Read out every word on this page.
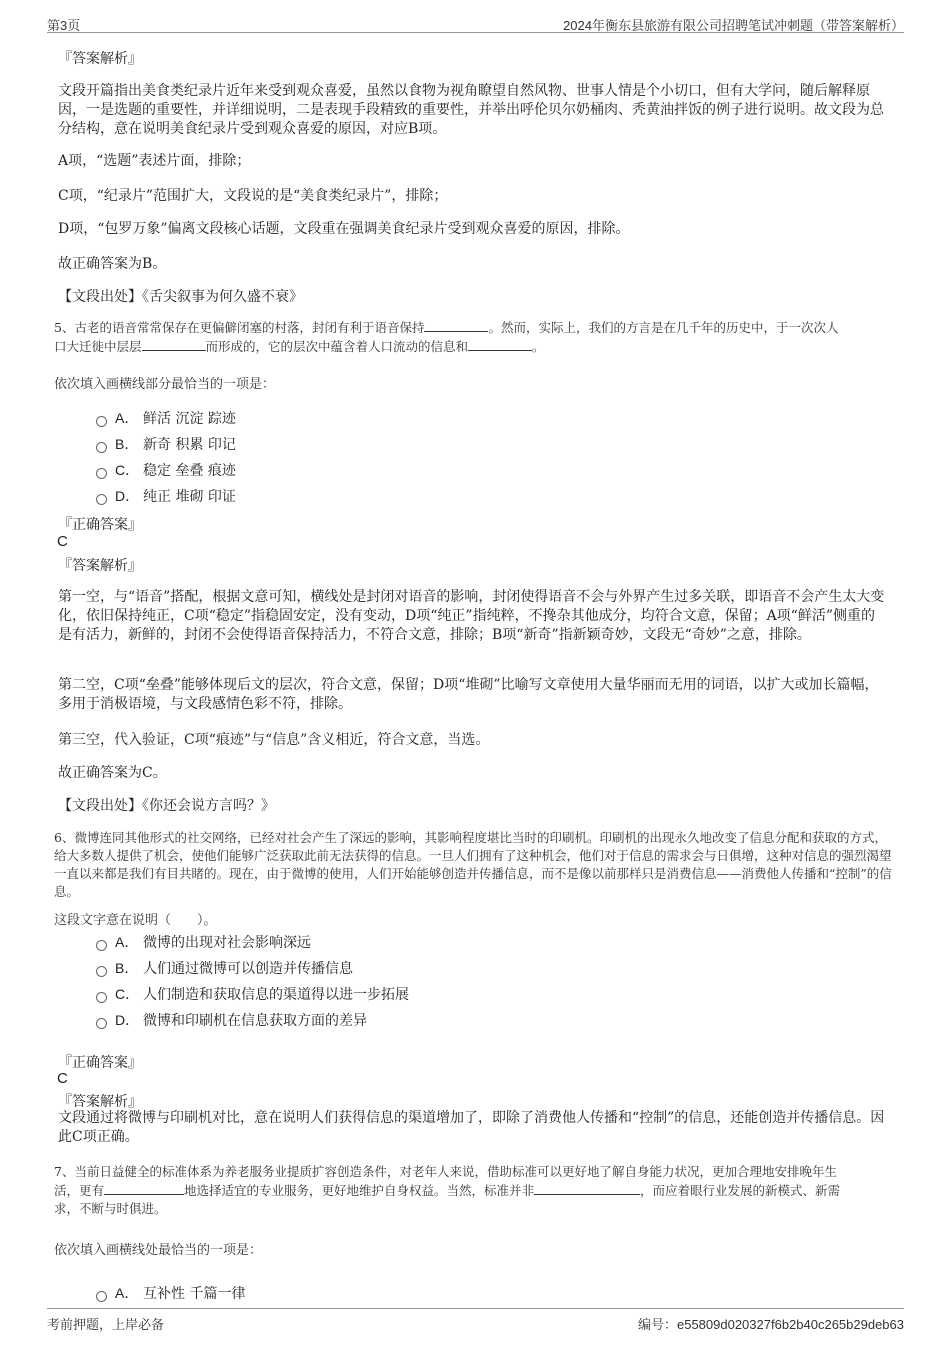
第3页	2024年衡东县旅游有限公司招聘笔试冲刺题（带答案解析）
『答案解析』
文段开篇指出美食类纪录片近年来受到观众喜爱，虽然以食物为视角瞭望自然风物、世事人情是个小切口，但有大学问，随后解释原因，一是选题的重要性，并详细说明，二是表现手段精致的重要性，并举出呼伦贝尔奶桶肉、秃黄油拌饭的例子进行说明。故文段为总分结构，意在说明美食纪录片受到观众喜爱的原因，对应B项。
A项，“选题”表述片面，排除；
C项，“纪录片”范围扩大，文段说的是“美食类纪录片”，排除；
D项，“包罗万象”偏离文段核心话题，文段重在强调美食纪录片受到观众喜爱的原因，排除。
故正确答案为B。
【文段出处】《舌尖叙事为何久盛不衰》
5、古老的语音常常保存在更偏僻闭塞的村落，封闭有利于语音保持	。然而，实际上，我们的方言是在几千年的历史中，于一次次人
口大迁徙中层层	而形成的，它的层次中蕴含着人口流动的信息和	。
依次填入画横线部分最恰当的一项是：
A． 鲜活 沉淀 踪迹
B． 新奇 积累 印记
C． 稳定 垒叠 痕迹
D． 纯正 堆砌 印证
『正确答案』
C
『答案解析』
第一空，与“语音”搭配，根据文意可知，横线处是封闭对语音的影响，封闭使得语音不会与外界产生过多关联，即语音不会产生太大变化，依旧保持纯正，C项“稳定”指稳固安定，没有变动，D项“纯正”指纯粹，不搀杂其他成分，均符合文意，保留；A项“鲜活”侧重的是有活力，新鲜的，封闭不会使得语音保持活力，不符合文意，排除；B项“新奇”指新颖奇妙，文段无“奇妙”之意，排除。
第二空，C项“垒叠”能够体现后文的层次，符合文意，保留；D项“堆砌”比喻写文章使用大量华丽而无用的词语，以扩大或加长篇幅，多用于消极语境，与文段感情色彩不符，排除。
第三空，代入验证，C项“痕迹”与“信息”含义相近，符合文意，当选。
故正确答案为C。
【文段出处】《你还会说方言吗？》
6、微博连同其他形式的社交网络，已经对社会产生了深远的影响，其影响程度堪比当时的印刷机。印刷机的出现永久地改变了信息分配和获取的方式，给大多数人提供了机会，使他们能够广泛获取此前无法获得的信息。一旦人们拥有了这种机会，他们对于信息的需求会与日俱增，这种对信息的强烈渴望一直以来都是我们有目共睹的。现在，由于微博的使用，人们开始能够创造并传播信息，而不是像以前那样只是消费信息——消费他人传播和“控制”的信息。
这段文字意在说明（　　）。
A． 微博的出现对社会影响深远
B． 人们通过微博可以创造并传播信息
C． 人们制造和获取信息的渠道得以进一步拓展
D． 微博和印刷机在信息获取方面的差异
『正确答案』
C
『答案解析』
文段通过将微博与印刷机对比，意在说明人们获得信息的渠道增加了，即除了消费他人传播和“控制”的信息，还能创造并传播信息。因此C项正确。
7、当前日益健全的标准体系为养老服务业提质扩容创造条件，对老年人来说，借助标准可以更好地了解自身能力状况，更加合理地安排晚年生
活，更有	地选择适宜的专业服务，更好地维护自身权益。当然，标准并非	，而应着眼行业发展的新模式、新需
求，不断与时俱进。
依次填入画横线处最恰当的一项是：
A． 互补性 千篇一律
考前押题，上岸必备	编号：e55809d020327f6b2b40c265b29deb63
